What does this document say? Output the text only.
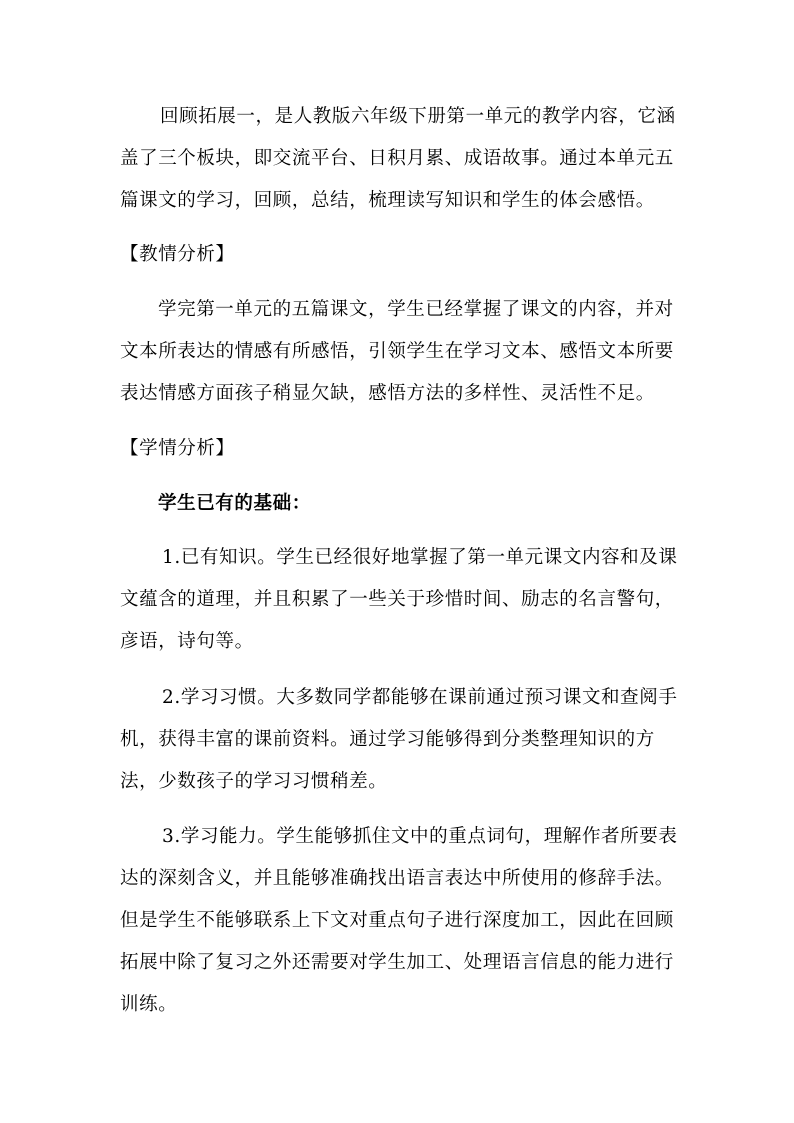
回顾拓展一，是人教版六年级下册第一单元的教学内容，它涵
盖了三个板块，即交流平台、日积月累、成语故事。通过本单元五
篇课文的学习，回顾，总结，梳理读写知识和学生的体会感悟。
【教情分析】
学完第一单元的五篇课文，学生已经掌握了课文的内容，并对
文本所表达的情感有所感悟，引领学生在学习文本、感悟文本所要
表达情感方面孩子稍显欠缺，感悟方法的多样性、灵活性不足。
【学情分析】
学生已有的基础：
1.已有知识。学生已经很好地掌握了第一单元课文内容和及课
文蕴含的道理，并且积累了一些关于珍惜时间、励志的名言警句，
彦语，诗句等。
2.学习习惯。大多数同学都能够在课前通过预习课文和查阅手
机，获得丰富的课前资料。通过学习能够得到分类整理知识的方
法，少数孩子的学习习惯稍差。
3.学习能力。学生能够抓住文中的重点词句，理解作者所要表
达的深刻含义，并且能够准确找出语言表达中所使用的修辞手法。
但是学生不能够联系上下文对重点句子进行深度加工，因此在回顾
拓展中除了复习之外还需要对学生加工、处理语言信息的能力进行
训练。
